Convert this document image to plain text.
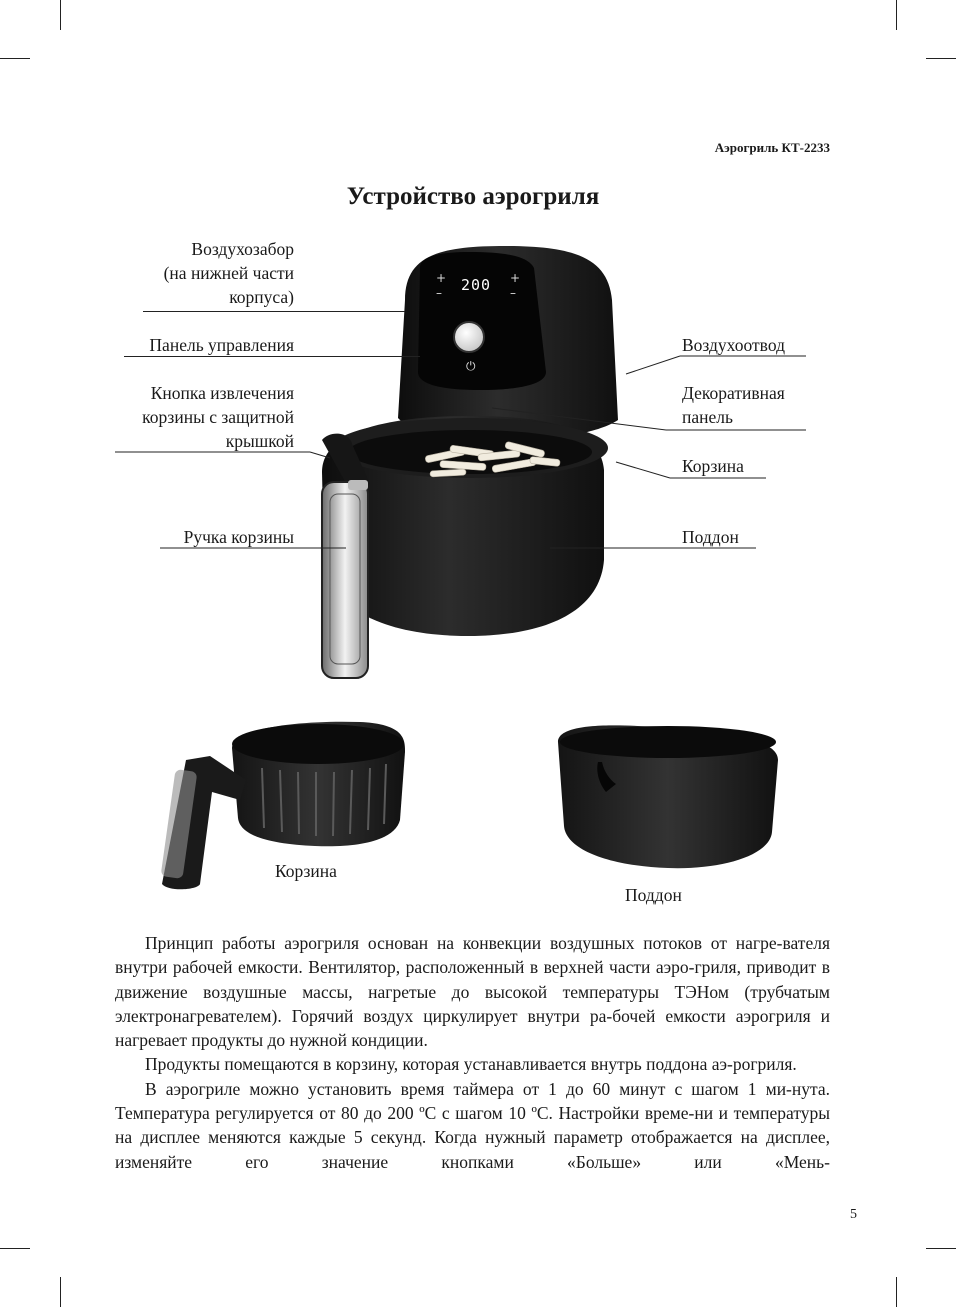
Аэрогриль КТ-2233
Устройство аэрогриля
200
+
–
+
–
⏻
Воздухозабор
(на нижней части
корпуса)
Панель управления
Кнопка извлечения
корзины с защитной
крышкой
Ручка корзины
Воздухоотвод
Декоративная
панель
Корзина
Поддон
Корзина
Поддон

Принцип работы аэрогриля основан на конвекции воздушных потоков от нагре-вателя внутри рабочей емкости. Вентилятор, расположенный в верхней части аэро-гриля, приводит в движение воздушные массы, нагретые до высокой температуры ТЭНом (трубчатым электронагревателем). Горячий воздух циркулирует внутри ра-бочей емкости аэрогриля и нагревает продукты до нужной кондиции.

Продукты помещаются в корзину, которая устанавливается внутрь поддона аэ-рогриля.

В аэрогриле можно установить время таймера от 1 до 60 минут с шагом 1 ми-нута. Температура регулируется от 80 до 200 ºС с шагом 10 ºС. Настройки време-ни и температуры на дисплее меняются каждые 5 секунд. Когда нужный параметр отображается на дисплее, изменяйте его значение кнопками «Больше» или «Мень-

5
